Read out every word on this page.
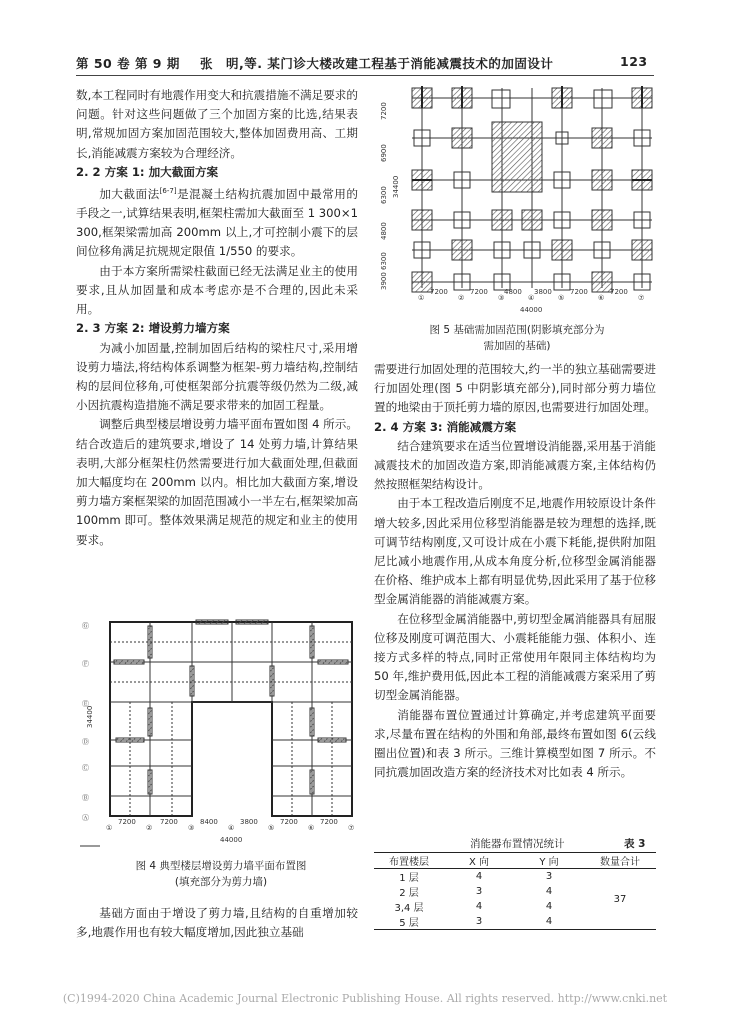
第 50 卷 第 9 期 张　明,等. 某门诊大楼改建工程基于消能减震技术的加固设计	123

数,本工程同时有地震作用变大和抗震措施不满足要求的问题。针对这些问题做了三个加固方案的比选,结果表明,常规加固方案加固范围较大,整体加固费用高、工期长,消能减震方案较为合理经济。

2. 2 方案 1: 加大截面方案

加大截面法[6-7]是混凝土结构抗震加固中最常用的手段之一,试算结果表明,框架柱需加大截面至 1 300×1 300,框架梁需加高 200mm 以上,才可控制小震下的层间位移角满足抗规规定限值 1/550 的要求。

由于本方案所需梁柱截面已经无法满足业主的使用要求,且从加固量和成本考虑亦是不合理的,因此未采用。

2. 3 方案 2: 增设剪力墙方案

为减小加固量,控制加固后结构的梁柱尺寸,采用增设剪力墙法,将结构体系调整为框架-剪力墙结构,控制结构的层间位移角,可使框架部分抗震等级仍然为二级,减小因抗震构造措施不满足要求带来的加固工程量。

调整后典型楼层增设剪力墙平面布置如图 4 所示。结合改造后的建筑要求,增设了 14 处剪力墙,计算结果表明,大部分框架柱仍然需要进行加大截面处理,但截面加大幅度均在 200mm 以内。相比加大截面方案,增设剪力墙方案框架梁的加固范围减小一半左右,框架梁加高 100mm 即可。整体效果满足规范的规定和业主的使用要求。

①	②	③	④	⑤	⑥	⑦
7200	7200	8400	3800	7200	7200
44000
Ⓖ
Ⓕ
Ⓔ
Ⓓ
Ⓒ
Ⓑ
Ⓐ
34400
图 4 典型楼层增设剪力墙平面布置图
(填充部分为剪力墙)

基础方面由于增设了剪力墙,且结构的自重增加较多,地震作用也有较大幅度增加,因此独立基础

①	②	③	④	⑤	⑥	⑦
7200	7200 4800 3800	7200	7200
44000
7200
6900
6300
4800
6300
3900
34400
图 5 基础需加固范围(阴影填充部分为
需加固的基础)

需要进行加固处理的范围较大,约一半的独立基础需要进行加固处理(图 5 中阴影填充部分),同时部分剪力墙位置的地梁由于顶托剪力墙的原因,也需要进行加固处理。

2. 4 方案 3: 消能减震方案

结合建筑要求在适当位置增设消能器,采用基于消能减震技术的加固改造方案,即消能减震方案,主体结构仍然按照框架结构设计。

由于本工程改造后刚度不足,地震作用较原设计条件增大较多,因此采用位移型消能器是较为理想的选择,既可调节结构刚度,又可设计成在小震下耗能,提供附加阻尼比减小地震作用,从成本角度分析,位移型金属消能器在价格、维护成本上都有明显优势,因此采用了基于位移型金属消能器的消能减震方案。

在位移型金属消能器中,剪切型金属消能器具有屈服位移及刚度可调范围大、小震耗能能力强、体积小、连接方式多样的特点,同时正常使用年限同主体结构均为 50 年,维护费用低,因此本工程的消能减震方案采用了剪切型金属消能器。

消能器布置位置通过计算确定,并考虑建筑平面要求,尽量布置在结构的外围和角部,最终布置如图 6(云线圈出位置)和表 3 所示。三维计算模型如图 7 所示。不同抗震加固改造方案的经济技术对比如表 4 所示。

消能器布置情况统计	表 3
布置楼层	X 向	Y 向	数量合计
1 层	4	3	37
2 层	3	4	
3,4 层	4	4	
5 层	3	4	
(C)1994-2020 China Academic Journal Electronic Publishing House. All rights reserved. http://www.cnki.net
